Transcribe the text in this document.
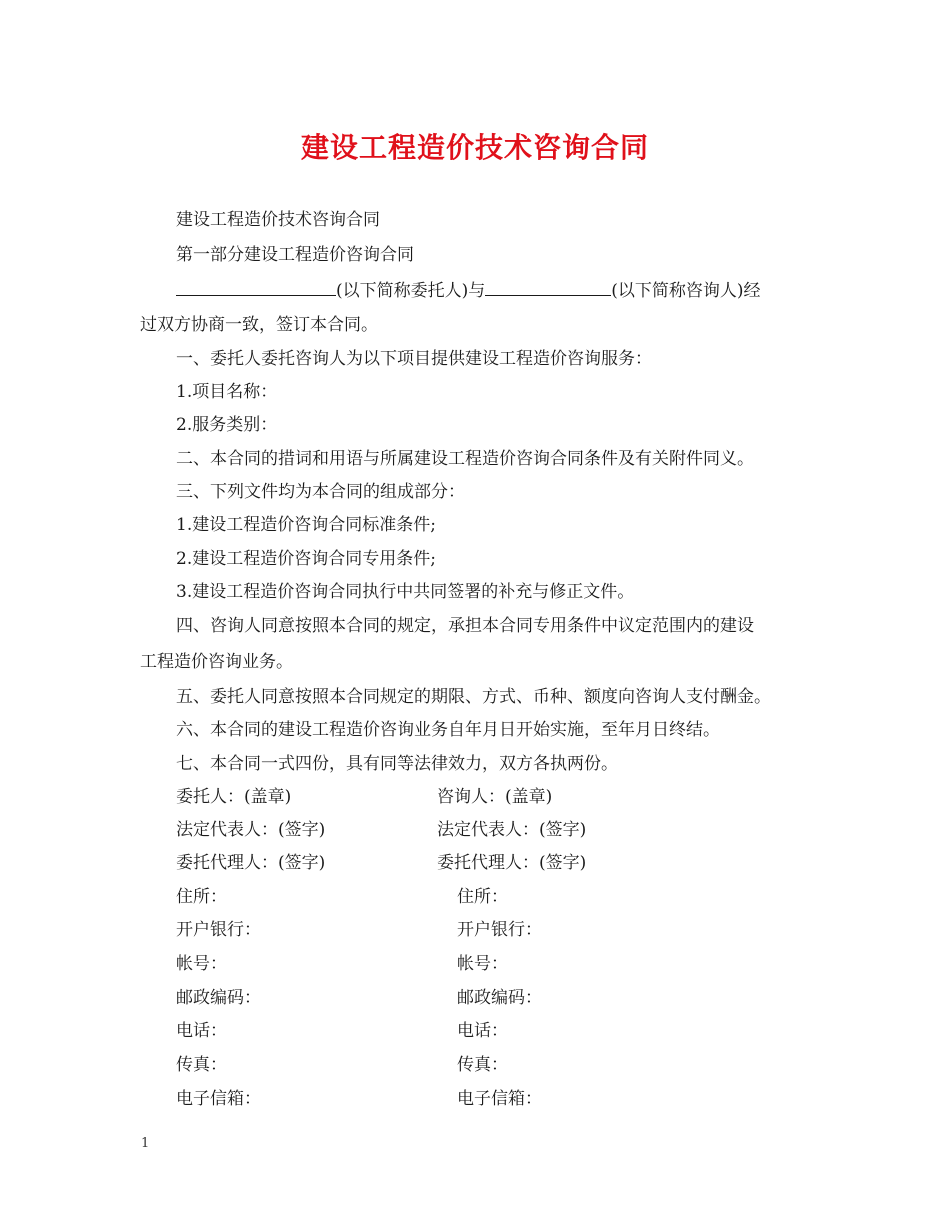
建设工程造价技术咨询合同
建设工程造价技术咨询合同
第一部分建设工程造价咨询合同
(以下简称委托人)与	(以下简称咨询人)经
过双方协商一致，签订本合同。
一、委托人委托咨询人为以下项目提供建设工程造价咨询服务：
1.项目名称：
2.服务类别：
二、本合同的措词和用语与所属建设工程造价咨询合同条件及有关附件同义。
三、下列文件均为本合同的组成部分：
1.建设工程造价咨询合同标准条件;
2.建设工程造价咨询合同专用条件;
3.建设工程造价咨询合同执行中共同签署的补充与修正文件。
四、咨询人同意按照本合同的规定，承担本合同专用条件中议定范围内的建设
工程造价咨询业务。
五、委托人同意按照本合同规定的期限、方式、币种、额度向咨询人支付酬金。
六、本合同的建设工程造价咨询业务自年月日开始实施，至年月日终结。
七、本合同一式四份，具有同等法律效力，双方各执两份。
委托人：(盖章)
法定代表人：(签字)
委托代理人：(签字)
住所：
开户银行：
帐号：
邮政编码：
电话：
传真：
电子信箱：
咨询人：(盖章)
法定代表人：(签字)
委托代理人：(签字)
住所：
开户银行：
帐号：
邮政编码：
电话：
传真：
电子信箱：
1
